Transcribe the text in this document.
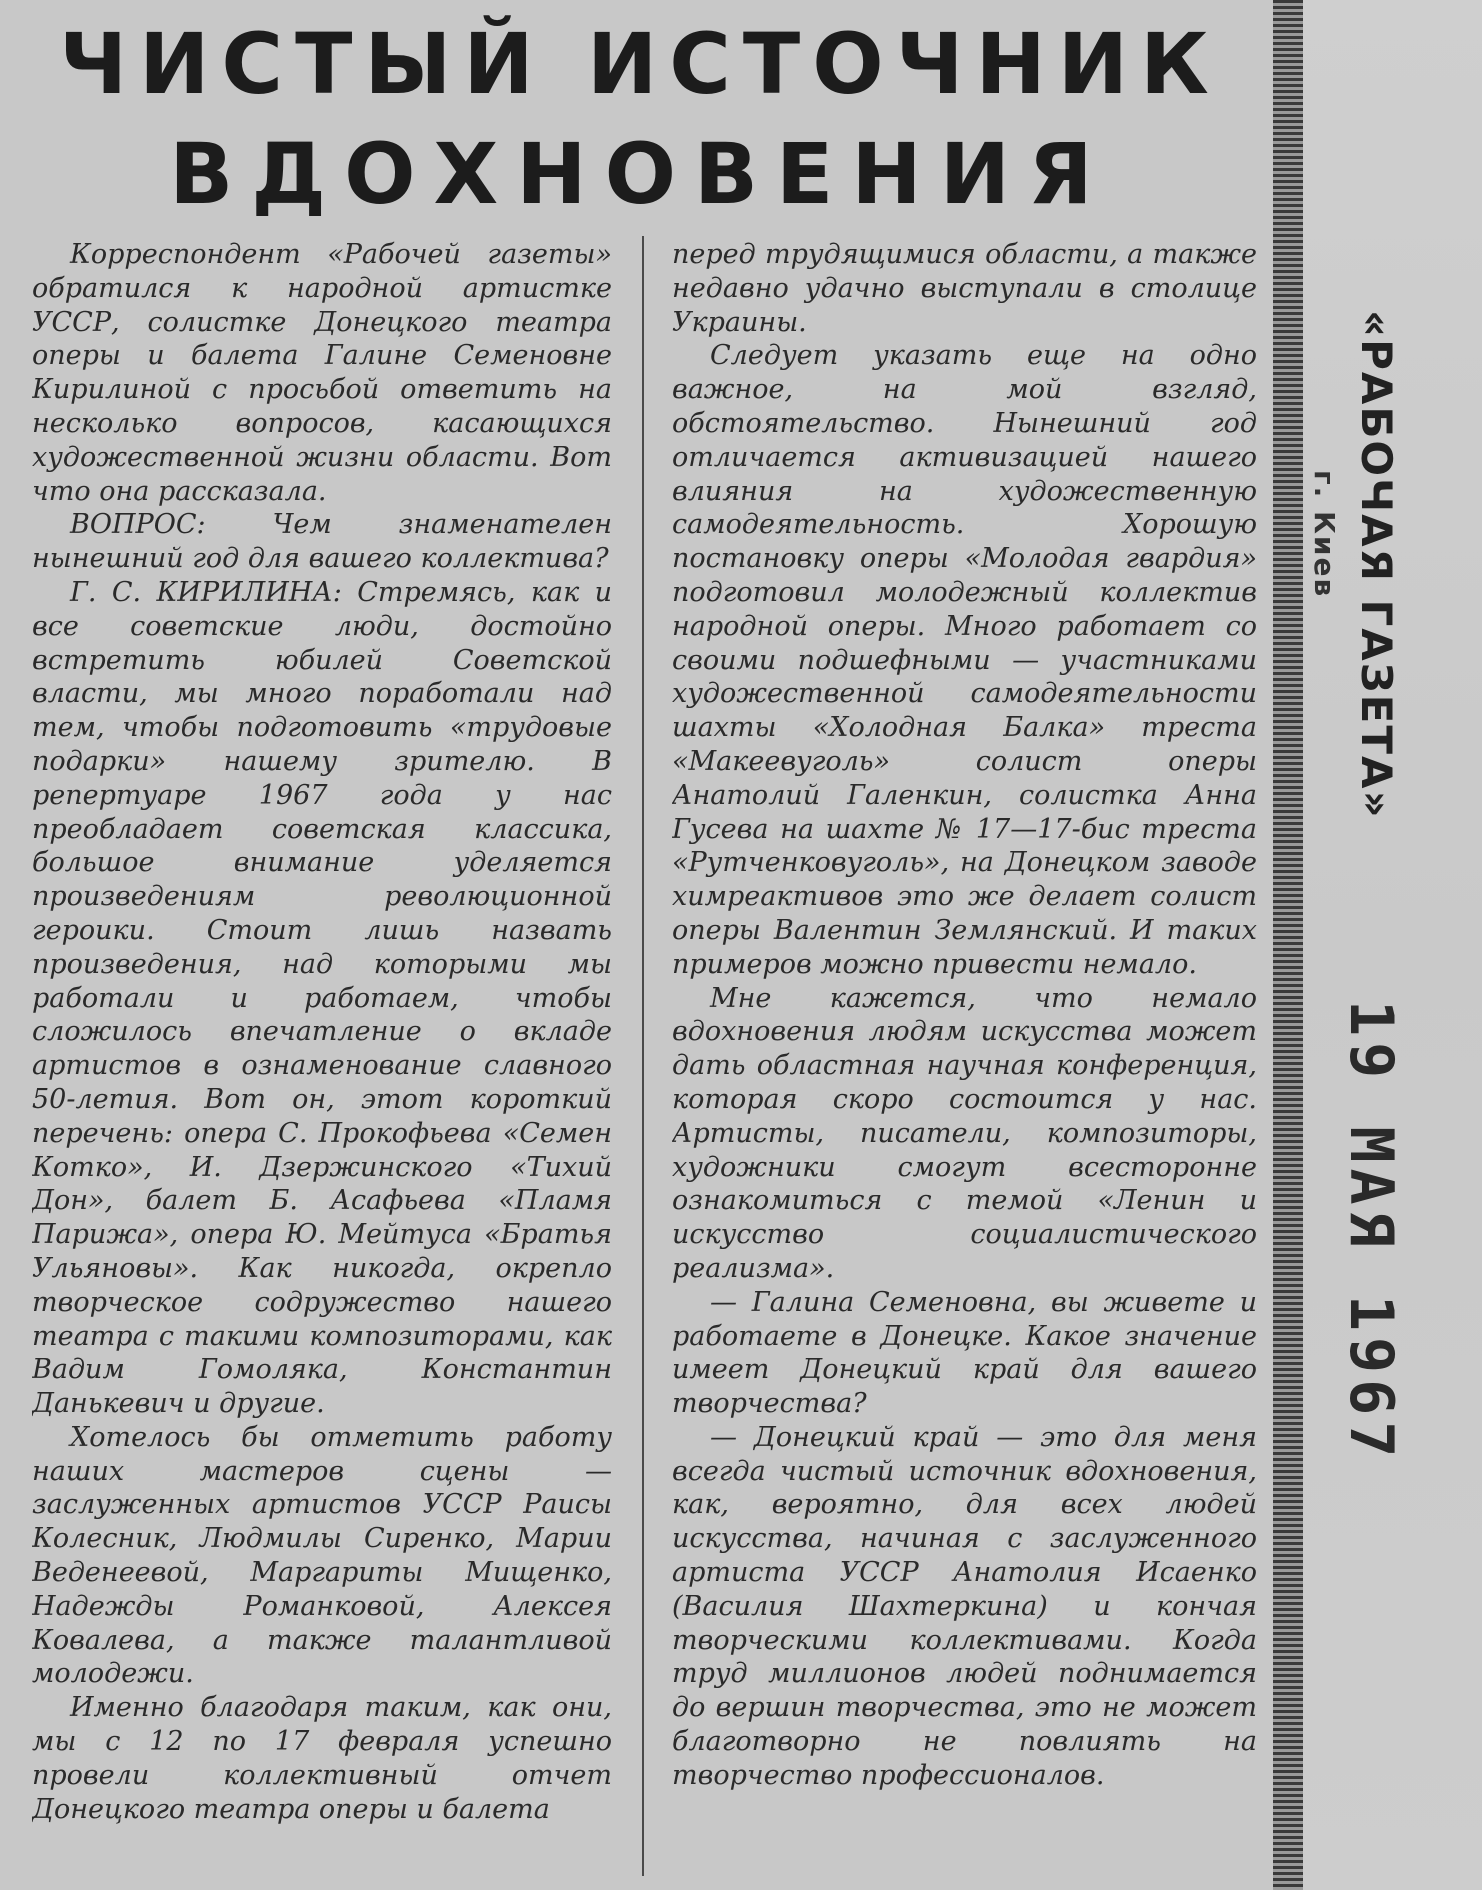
ЧИСТЫЙ ИСТОЧНИК
ВДОХНОВЕНИЯ

Корреспондент «Рабочей газеты» обратился к народной артистке УССР, солистке Донецкого театра оперы и балета Галине Семеновне Кирилиной с просьбой ответить на несколько вопросов, касающихся художественной жизни области. Вот что она рассказала.

ВОПРОС: Чем знаменателен нынешний год для вашего коллектива?

Г. С. КИРИЛИНА: Стремясь, как и все советские люди, достойно встретить юбилей Советской власти, мы много поработали над тем, чтобы подготовить «трудовые подарки» нашему зрителю. В репертуаре 1967 года у нас преобладает советская классика, большое внимание уделяется произведениям революционной героики. Стоит лишь назвать произведения, над которыми мы работали и работаем, чтобы сложилось впечатление о вкладе артистов в ознаменование славного 50-летия. Вот он, этот короткий перечень: опера С. Прокофьева «Семен Котко», И. Дзержинского «Тихий Дон», балет Б. Асафьева «Пламя Парижа», опера Ю. Мейтуса «Братья Ульяновы». Как никогда, окрепло творческое содружество нашего театра с такими композиторами, как Вадим Гомоляка, Константин Данькевич и другие.

Хотелось бы отметить работу наших мастеров сцены — заслуженных артистов УССР Раисы Колесник, Людмилы Сиренко, Марии Веденеевой, Маргариты Мищенко, Надежды Романковой, Алексея Ковалева, а также талантливой молодежи.

Именно благодаря таким, как они, мы с 12 по 17 февраля успешно провели коллективный отчет Донецкого театра оперы и балета

перед трудящимися области, а также недавно удачно выступали в столице Украины.

Следует указать еще на одно важное, на мой взгляд, обстоятельство. Нынешний год отличается активизацией нашего влияния на художественную самодеятельность. Хорошую постановку оперы «Молодая гвардия» подготовил молодежный коллектив народной оперы. Много работает со своими подшефными — участниками художественной самодеятельности шахты «Холодная Балка» треста «Макеевуголь» солист оперы Анатолий Галенкин, солистка Анна Гусева на шахте № 17—17-бис треста «Рутченковуголь», на Донецком заводе химреактивов это же делает солист оперы Валентин Землянский. И таких примеров можно привести немало.

Мне кажется, что немало вдохновения людям искусства может дать областная научная конференция, которая скоро состоится у нас. Артисты, писатели, композиторы, художники смогут всесторонне ознакомиться с темой «Ленин и искусство социалистического реализма».

— Галина Семеновна, вы живете и работаете в Донецке. Какое значение имеет Донецкий край для вашего творчества?

— Донецкий край — это для меня всегда чистый источник вдохновения, как, вероятно, для всех людей искусства, начиная с заслуженного артиста УССР Анатолия Исаенко (Василия Шахтеркина) и кончая творческими коллективами. Когда труд миллионов людей поднимается до вершин творчества, это не может благотворно не повлиять на творчество профессионалов.

«РАБОЧАЯ ГАЗЕТА»
г. Киев
19 МАЯ 1967
